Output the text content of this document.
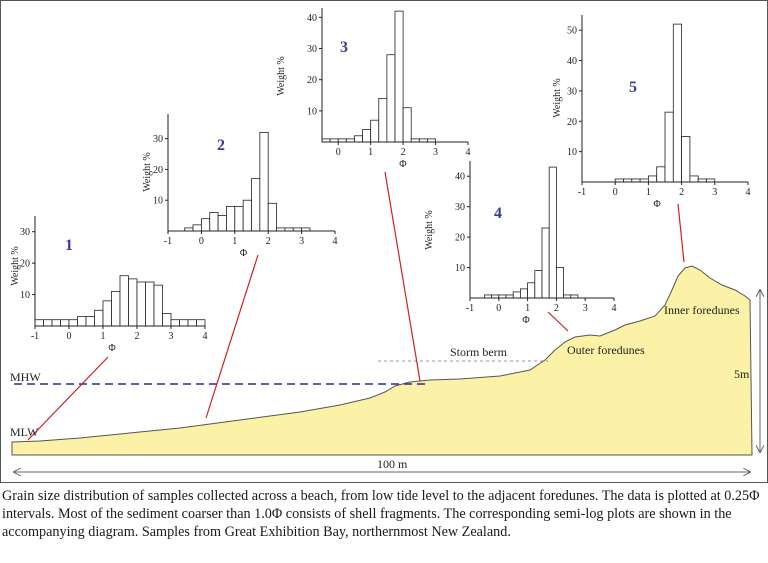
MHW
MLW
Storm berm	Outer foredunes
Inner foredunes
5m
100 m
-1	0	1	2	3	4
10
20
30
Φ
Weight %
1	-1	0	1	2	3	4
10
20
30
Φ
Weight %
2	0	1	2	3	4
10
20
30
40
Φ
Weight %
3
-1 0 1 2 3 4
10
20
30
40
Φ
Weight %	4
-1	0	1	2	3	4
10
20
30
40
50
Φ
Weight %	5

Grain size distribution of samples collected across a beach, from low tide level to the adjacent foredunes. The data is plotted at 0.25Φ intervals. Most of the sediment coarser than 1.0Φ consists of shell fragments. The corresponding semi-log plots are shown in the accompanying diagram. Samples from Great Exhibition Bay, northernmost New Zealand.
